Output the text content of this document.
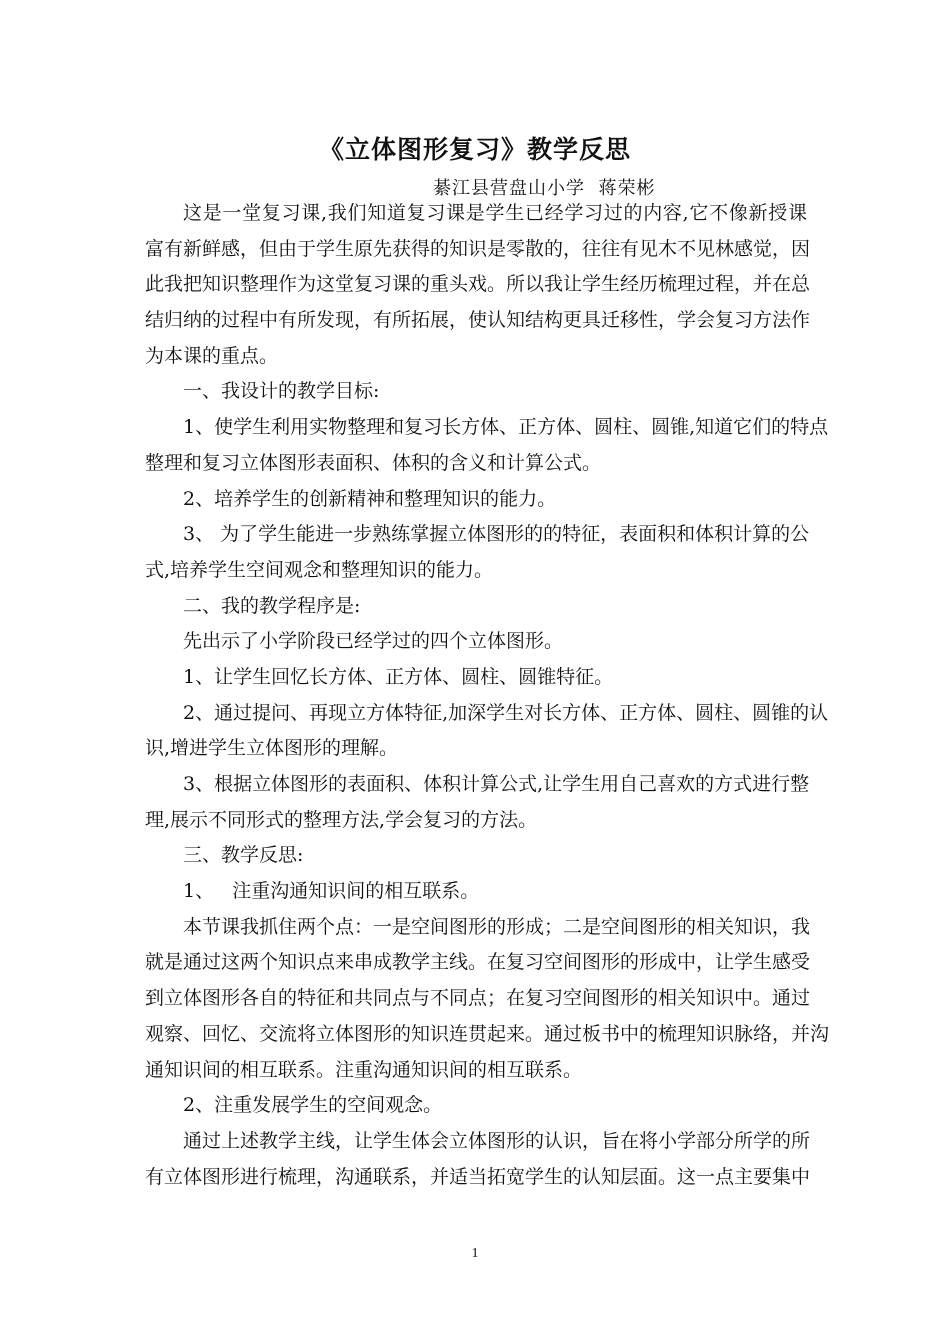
《立体图形复习》教学反思
綦江县营盘山小学  蒋荣彬
这是一堂复习课,我们知道复习课是学生已经学习过的内容,它不像新授课
富有新鲜感，但由于学生原先获得的知识是零散的，往往有见木不见林感觉，因
此我把知识整理作为这堂复习课的重头戏。所以我让学生经历梳理过程，并在总
结归纳的过程中有所发现，有所拓展，使认知结构更具迁移性，学会复习方法作
为本课的重点。
一、我设计的教学目标:
1、使学生利用实物整理和复习长方体、正方体、圆柱、圆锥,知道它们的特点
整理和复习立体图形表面积、体积的含义和计算公式。
2、培养学生的创新精神和整理知识的能力。
3、 为了学生能进一步熟练掌握立体图形的的特征，表面积和体积计算的公
式,培养学生空间观念和整理知识的能力。
二、我的教学程序是:
先出示了小学阶段已经学过的四个立体图形。
1、让学生回忆长方体、正方体、圆柱、圆锥特征。
2、通过提问、再现立方体特征,加深学生对长方体、正方体、圆柱、圆锥的认
识,增进学生立体图形的理解。
3、根据立体图形的表面积、体积计算公式,让学生用自己喜欢的方式进行整
理,展示不同形式的整理方法,学会复习的方法。
三、教学反思:
1、   注重沟通知识间的相互联系。
本节课我抓住两个点：一是空间图形的形成；二是空间图形的相关知识，我
就是通过这两个知识点来串成教学主线。在复习空间图形的形成中，让学生感受
到立体图形各自的特征和共同点与不同点；在复习空间图形的相关知识中。通过
观察、回忆、交流将立体图形的知识连贯起来。通过板书中的梳理知识脉络，并沟
通知识间的相互联系。注重沟通知识间的相互联系。
2、注重发展学生的空间观念。
通过上述教学主线，让学生体会立体图形的认识，旨在将小学部分所学的所
有立体图形进行梳理，沟通联系，并适当拓宽学生的认知层面。这一点主要集中
1
